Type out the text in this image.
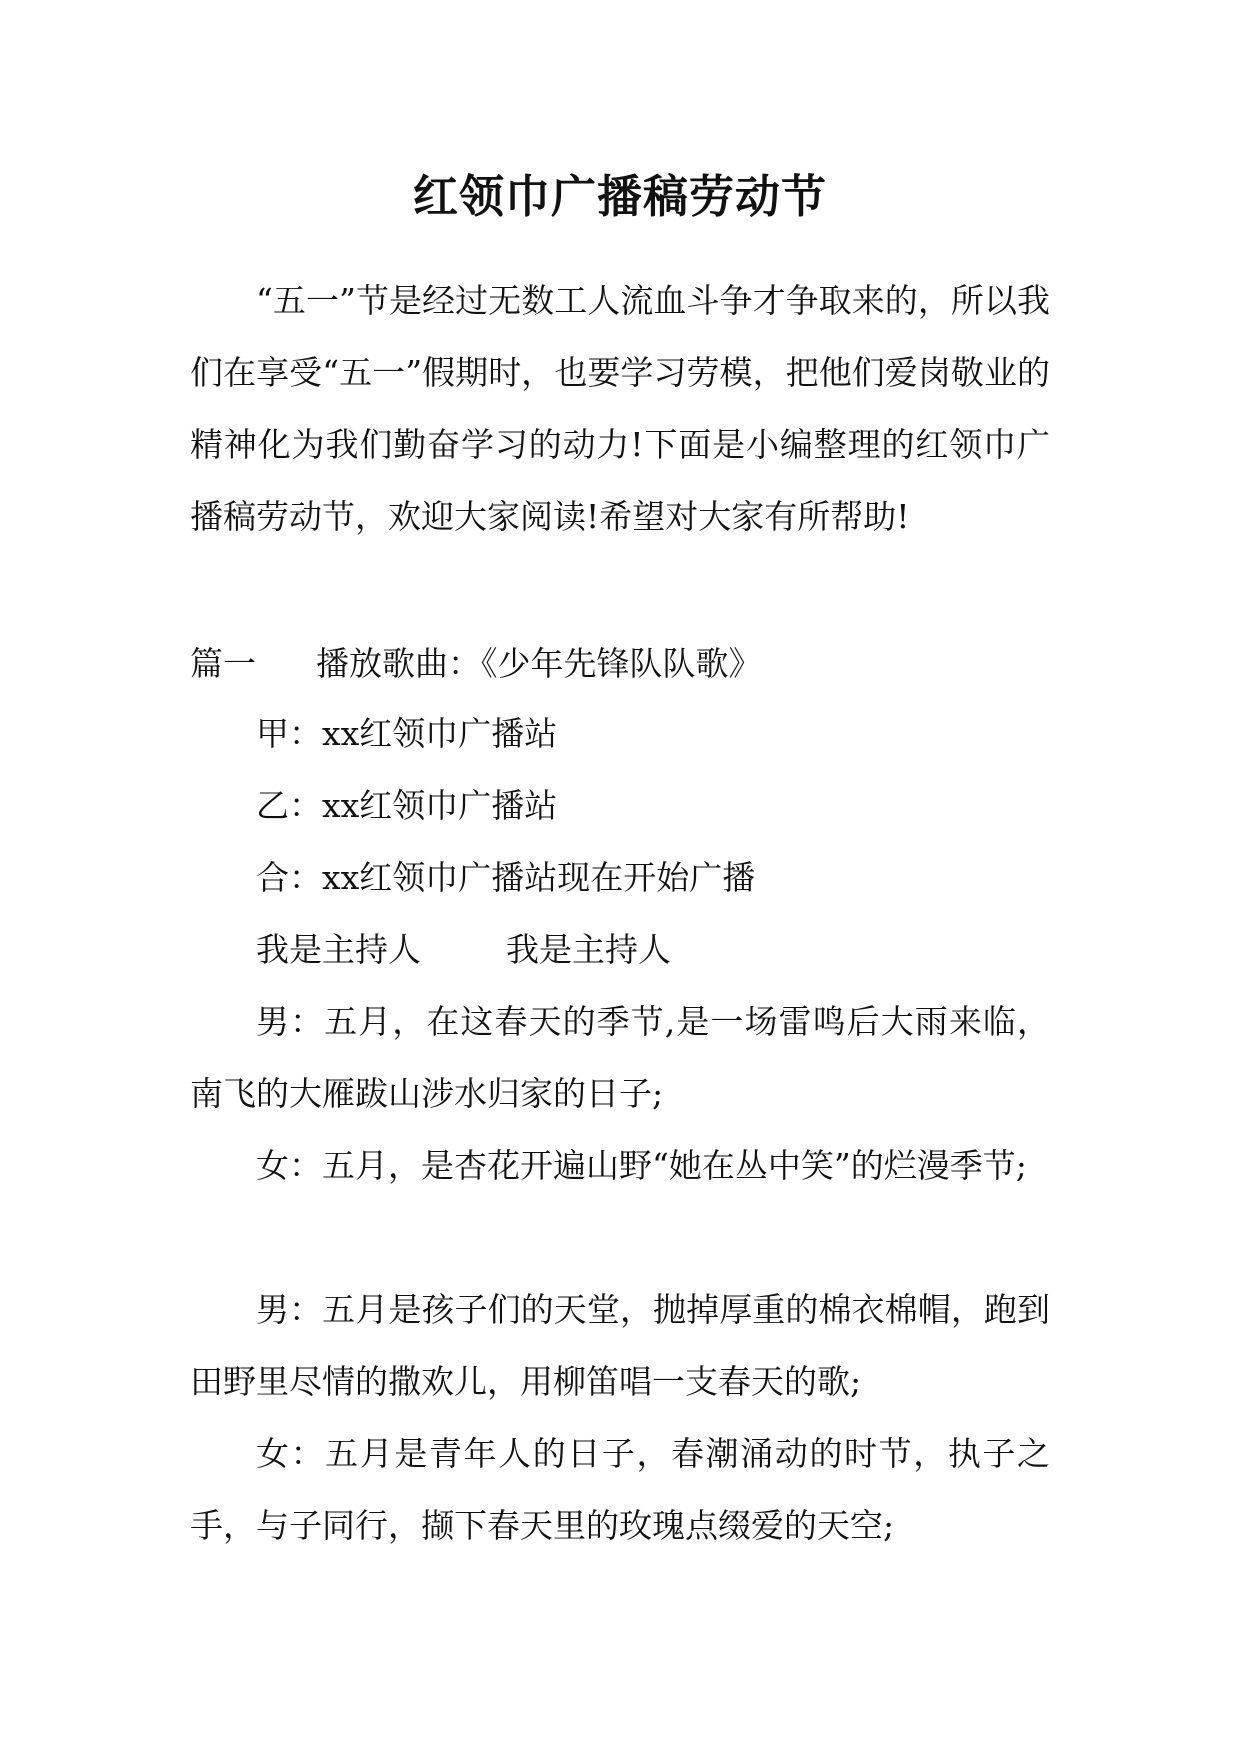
红领巾广播稿劳动节
“五一”节是经过无数工人流血斗争才争取来的，所以我们在享受“五一”假期时，也要学习劳模，把他们爱岗敬业的精神化为我们勤奋学习的动力!下面是小编整理的红领巾广播稿劳动节，欢迎大家阅读!希望对大家有所帮助!
篇一 播放歌曲：《少年先锋队队歌》
甲：xx红领巾广播站
乙：xx红领巾广播站
合：xx红领巾广播站现在开始广播
我是主持人	我是主持人
男：五月，在这春天的季节,是一场雷鸣后大雨来临，南飞的大雁跋山涉水归家的日子;
女：五月，是杏花开遍山野“她在丛中笑”的烂漫季节;
男：五月是孩子们的天堂，抛掉厚重的棉衣棉帽，跑到田野里尽情的撒欢儿，用柳笛唱一支春天的歌;
女：五月是青年人的日子，春潮涌动的时节，执子之手，与子同行，撷下春天里的玫瑰点缀爱的天空;
